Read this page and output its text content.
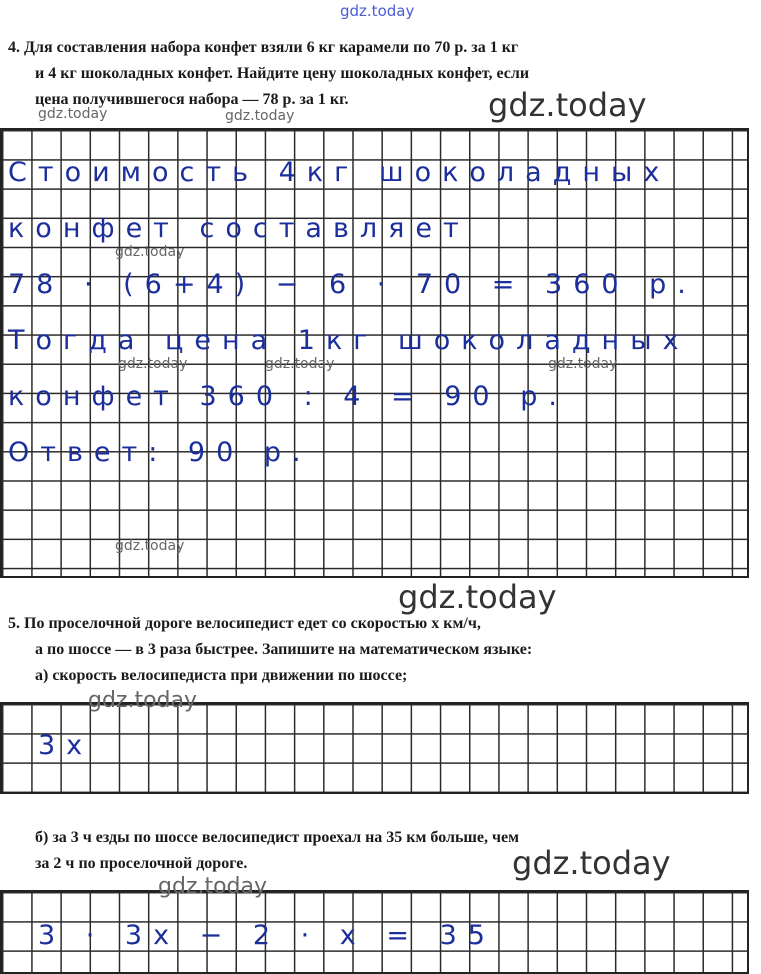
gdz.today
4. Для составления набора конфет взяли 6 кг карамели по 70 р. за 1 кг
и 4 кг шоколадных конфет. Найдите цену шоколадных конфет, если
цена получившегося набора — 78 р. за 1 кг.
Стоимость 4кг шоколадных
конфет составляет
78 · (6+4) − 6 · 70 = 360 р.
Тогда цена 1кг шоколадных
конфет 360 : 4 = 90 р.
Ответ: 90 р.
5. По проселочной дороге велосипедист едет со скоростью x км/ч,
а по шоссе — в 3 раза быстрее. Запишите на математическом языке:
а) скорость велосипедиста при движении по шоссе;
3x
б) за 3 ч езды по шоссе велосипедист проехал на 35 км больше, чем
за 2 ч по проселочной дороге.
3 · 3x − 2 · x = 35
gdz.today
gdz.today	gdz.today
gdz.today
gdz.today	gdz.today	gdz.today
gdz.today
gdz.today
gdz.today
gdz.today
gdz.today
